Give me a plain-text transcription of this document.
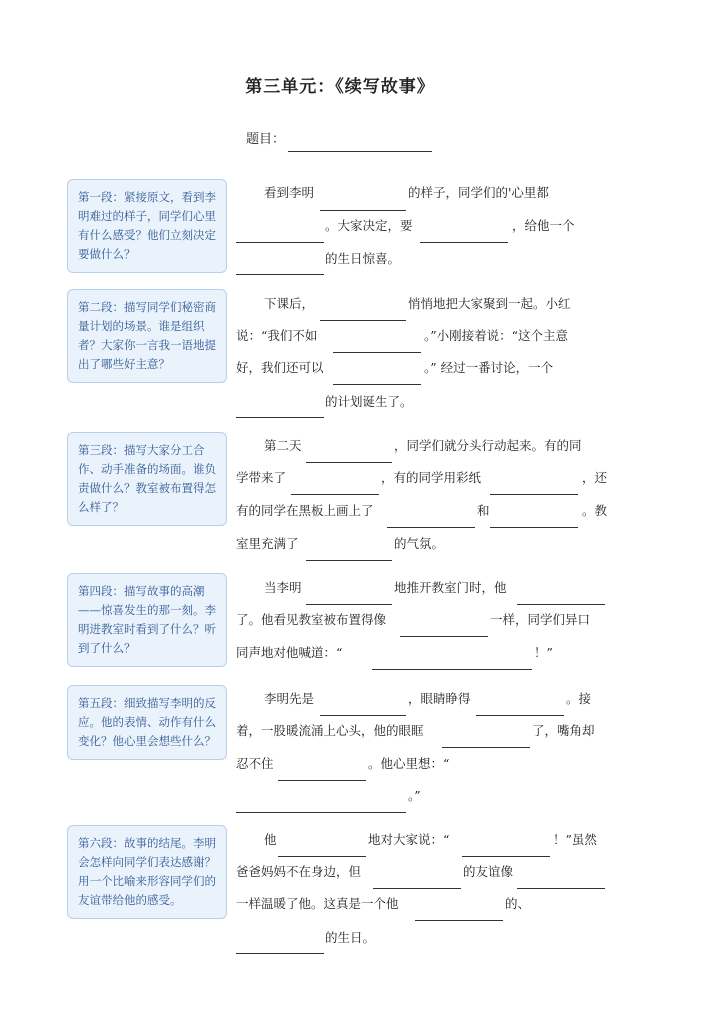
第三单元：《续写故事》
题目：
第一段：紧接原文，看到李明难过的样子，同学们心里有什么感受？他们立刻决定要做什么？
第二段：描写同学们秘密商量计划的场景。谁是组织者？大家你一言我一语地提出了哪些好主意？
第三段：描写大家分工合作、动手准备的场面。谁负责做什么？教室被布置得怎么样了？
第四段：描写故事的高潮——惊喜发生的那一刻。李明进教室时看到了什么？听到了什么？
第五段：细致描写李明的反应。他的表情、动作有什么变化？他心里会想些什么？
第六段：故事的结尾。李明会怎样向同学们表达感谢？用一个比喻来形容同学们的友谊带给他的感受。
看到李明	的样子，同学们的'心里都
。大家决定，要	，给他一个
的生日惊喜。
下课后，	悄悄地把大家聚到一起。小红
说：“我们不如	。”小刚接着说：“这个主意
好，我们还可以	。” 经过一番讨论，一个
的计划诞生了。
第二天	，同学们就分头行动起来。有的同
学带来了	，有的同学用彩纸	，还
有的同学在黑板上画上了	和	。教
室里充满了	的气氛。
当李明	地推开教室门时，他
了。他看见教室被布置得像	一样，同学们异口
同声地对他喊道：“	！”
李明先是	，眼睛睁得	。接
着，一股暖流涌上心头，他的眼眶	了，嘴角却
忍不住	。他心里想：“
。”
他	地对大家说：“	！”虽然
爸爸妈妈不在身边，但	的友谊像
一样温暖了他。这真是一个他	的、
的生日。
